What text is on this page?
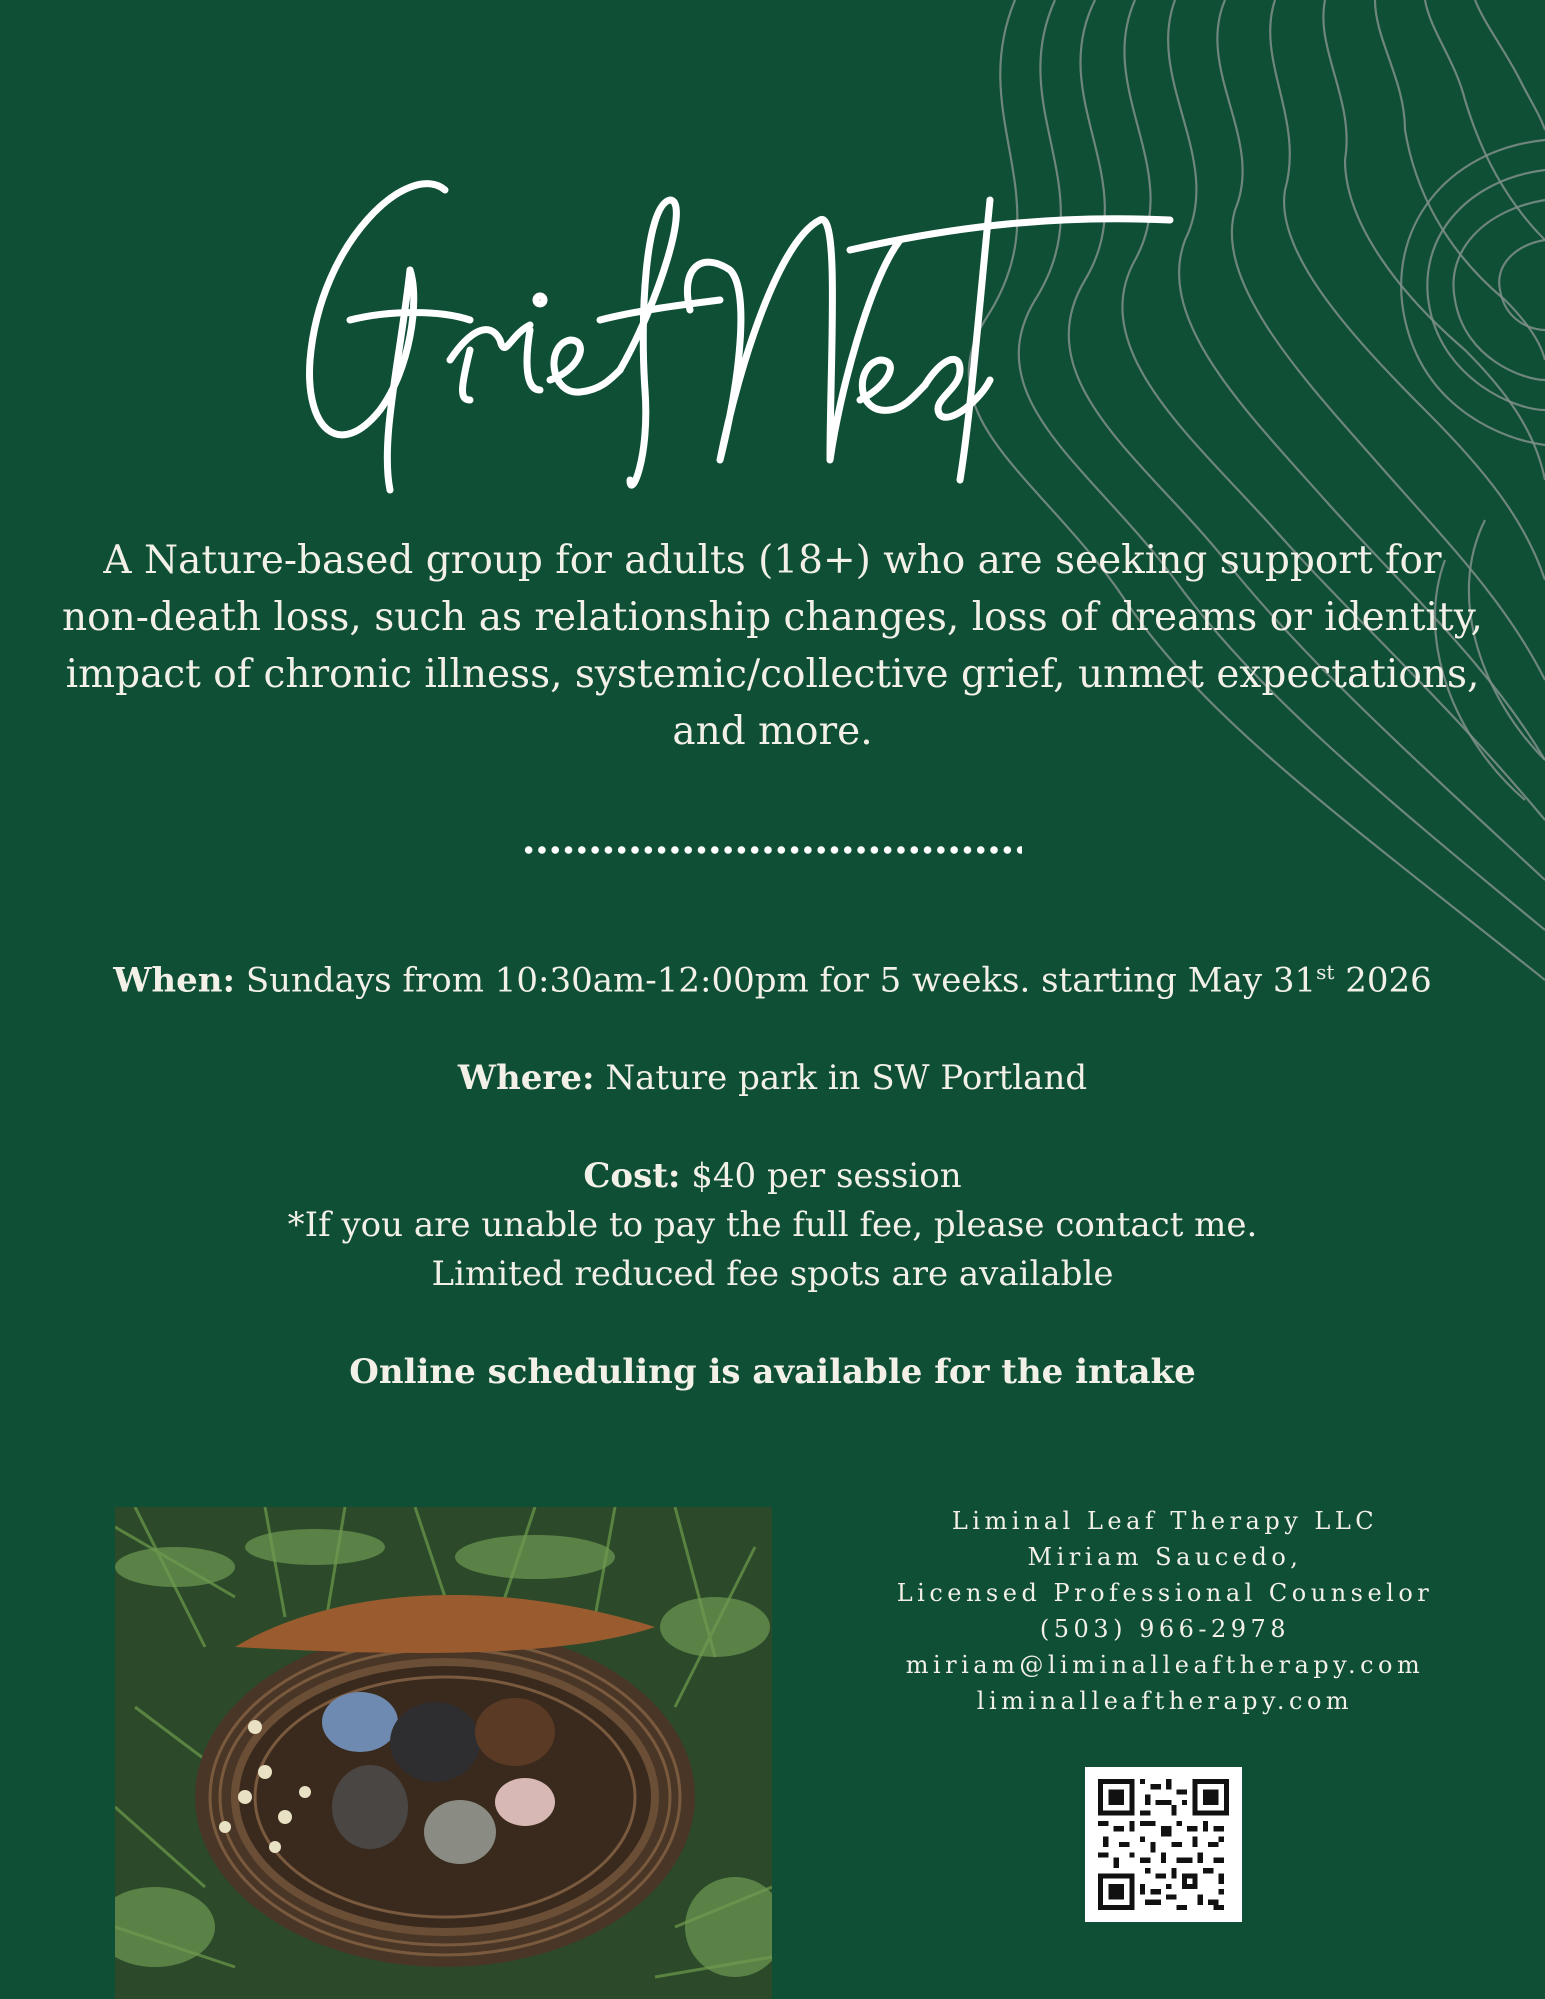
A Nature-based group for adults (18+) who are seeking support for non-death loss, such as relationship changes, loss of dreams or identity, impact of chronic illness, systemic/collective grief, unmet expectations, and more.

When: Sundays from 10:30am-12:00pm for 5 weeks. starting May 31st 2026

Where: Nature park in SW Portland

Cost: $40 per session

*If you are unable to pay the full fee, please contact me.

Limited reduced fee spots are available

Online scheduling is available for the intake

Liminal Leaf Therapy LLC

Miriam Saucedo,

Licensed Professional Counselor

(503) 966-2978

miriam@liminalleaftherapy.com

liminalleaftherapy.com
